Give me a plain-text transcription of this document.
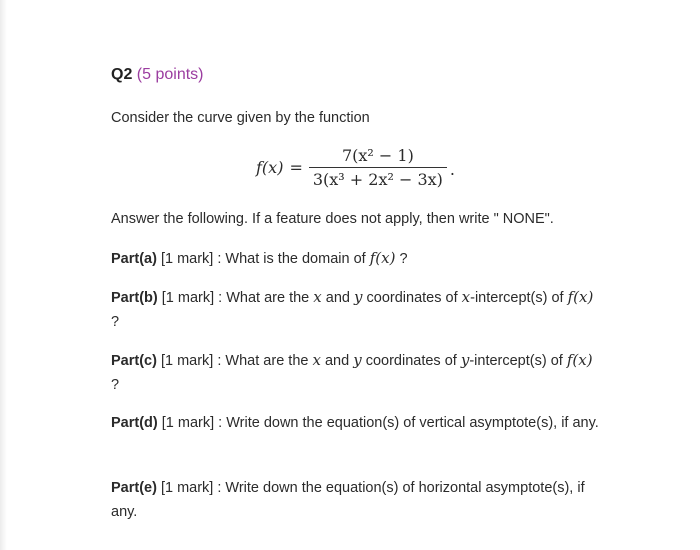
Q2 (5 points)
Consider the curve given by the function
$f(x) = \frac{\text{7(x² − 1)}}{\text{3(x³ + 2x² − 3x)}}$ .
Answer the following. If a feature does not apply, then write " NONE".
Part(a) [1 mark] : What is the domain of f(x) ?
Part(b) [1 mark] : What are the x and y coordinates of x-intercept(s) of f(x) ?
Part(c) [1 mark] : What are the x and y coordinates of y-intercept(s) of f(x) ?
Part(d) [1 mark] : Write down the equation(s) of vertical asymptote(s), if any.
Part(e) [1 mark] : Write down the equation(s) of horizontal asymptote(s), if any.
